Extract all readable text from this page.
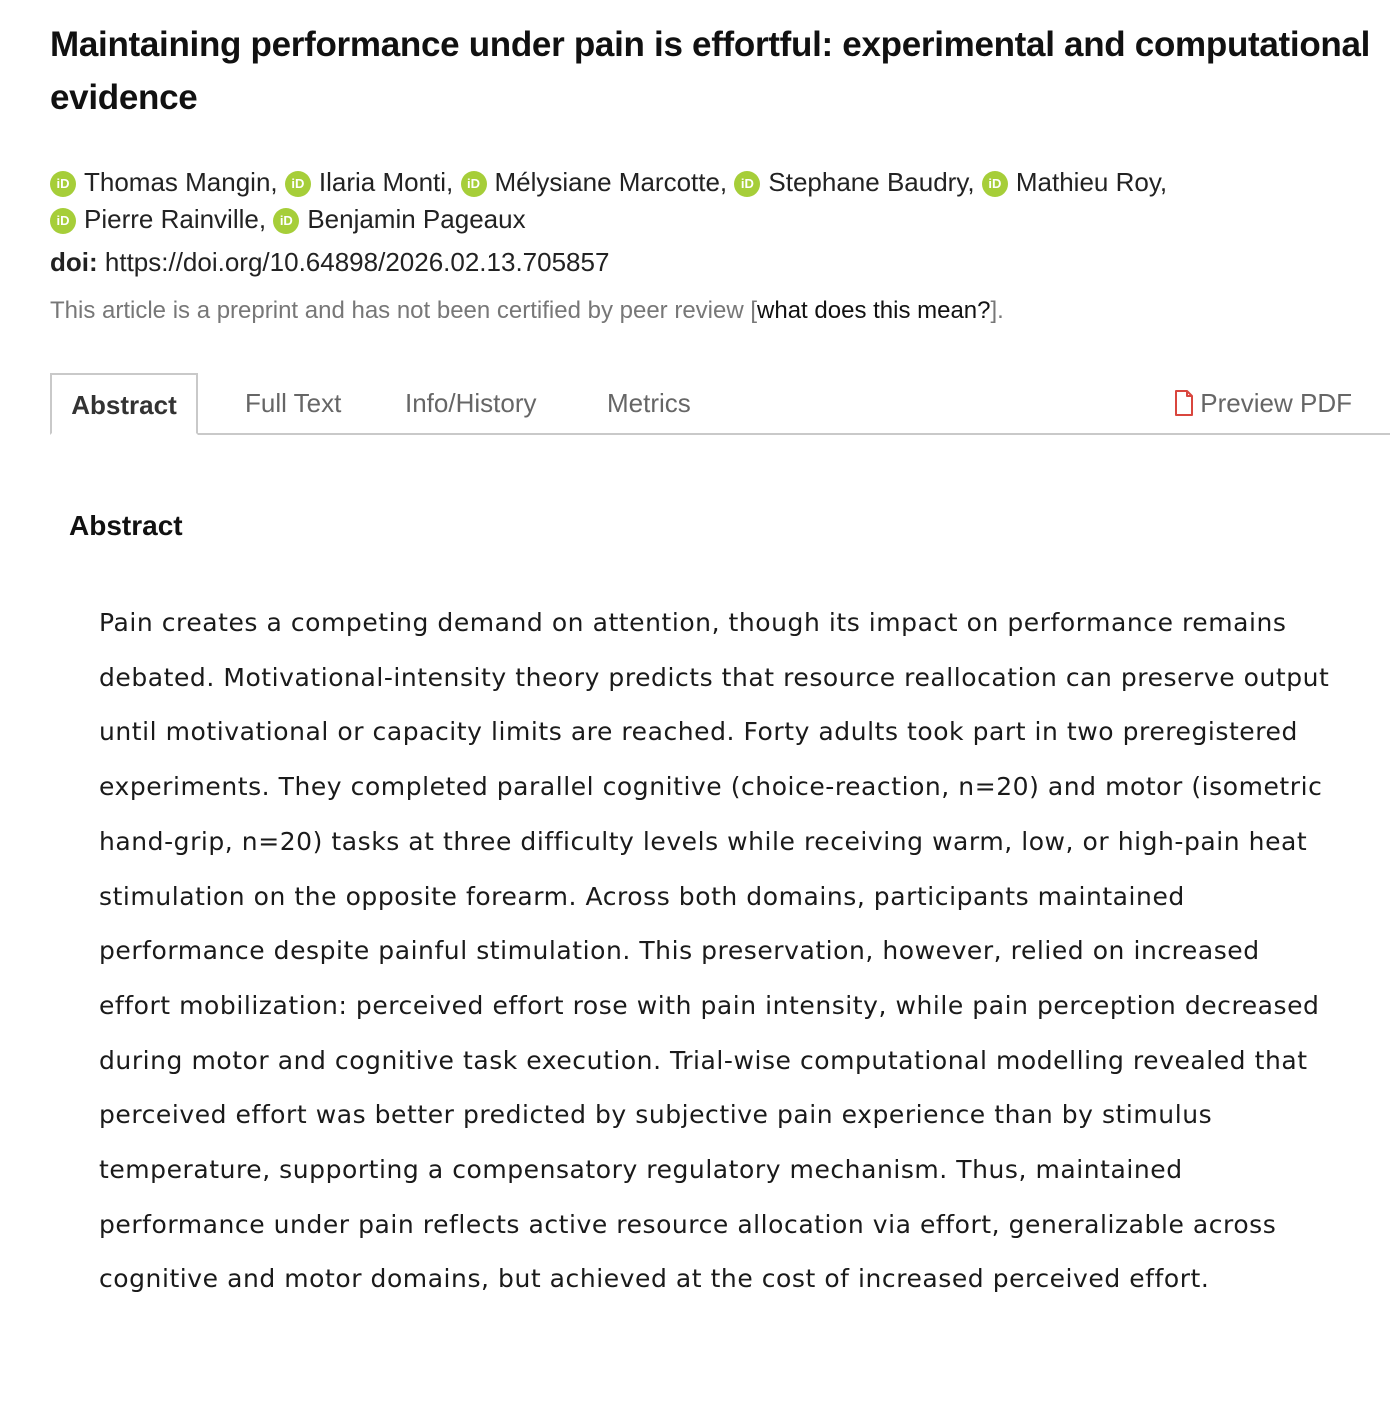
Maintaining performance under pain is effortful: experimental and computational evidence
iD Thomas Mangin, iD Ilaria Monti, iD Mélysiane Marcotte, iD Stephane Baudry, iD Mathieu Roy,
iD Pierre Rainville, iD Benjamin Pageaux
doi: https://doi.org/10.64898/2026.02.13.705857
This article is a preprint and has not been certified by peer review [what does this mean?].
Abstract	Full Text Info/History	Metrics	Preview PDF
Abstract

Pain creates a competing demand on attention, though its impact on performance remains debated. Motivational-intensity theory predicts that resource reallocation can preserve output until motivational or capacity limits are reached. Forty adults took part in two preregistered experiments. They completed parallel cognitive (choice-reaction, n=20) and motor (isometric hand-grip, n=20) tasks at three difficulty levels while receiving warm, low, or high-pain heat stimulation on the opposite forearm. Across both domains, participants maintained performance despite painful stimulation. This preservation, however, relied on increased effort mobilization: perceived effort rose with pain intensity, while pain perception decreased during motor and cognitive task execution. Trial-wise computational modelling revealed that perceived effort was better predicted by subjective pain experience than by stimulus temperature, supporting a compensatory regulatory mechanism. Thus, maintained performance under pain reflects active resource allocation via effort, generalizable across cognitive and motor domains, but achieved at the cost of increased perceived effort.
